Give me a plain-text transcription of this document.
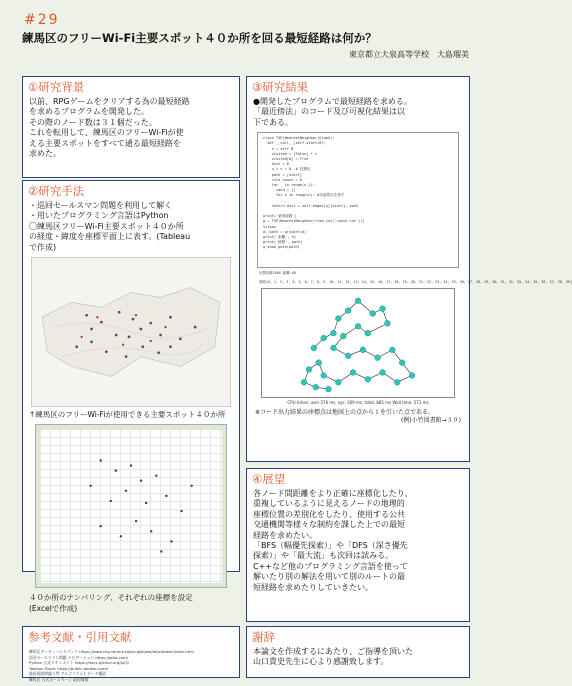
#29
練馬区のフリーWi-Fi主要スポット４０か所を回る最短経路は何か？
東京都立大泉高等学校　大島瑠美
①研究背景
以前、RPGゲームをクリアする為の最短経路
を求めるプログラムを開発した。
その際のノード数は３１個だった。
これを転用して、練馬区のフリーWi-Fiが使
える主要スポットをすべて通る最短経路を
求めた。
②研究手法
・巡回セールスマン問題を利用して解く
・用いたプログラミング言語はPython
〇練馬区フリーWi-Fi主要スポット４０か所
の経度・緯度を座標平面上に表す。(Tableau
で作成)
↑練馬区のフリーWi-Fiが使用できる主要スポット４０か所
４０か所のナンバリング、それぞれの座標を設定
(Excelで作成)
③研究結果
●開発したプログラムで最短経路を求める。
「最近傍法」のコード及び可視化結果は以
下である。
class TSP(NearestNeighbor(Graph):
def __call__(self,start=0):
n = self.N
visited = [False] * n
visited[0] = True
dist = 0
u = v = 0  # 初期化
path = [start]
rule_count = 0
for _ in range(n-1):
cand = []
for v in range(n): #未訪問点を探す
...
return dist + self.edges[u][start], path

print('最短経路')
g = TSP(NearestNeighbor(from_csv('route.txt')))
%%time
d, path = g(start=0)
print('距離', d)
print('経路', path)
g.show_path(path)
計算回数1560 距離:48
経路[0, 1, 2, 3, 4, 5, 6, 7, 8, 9, 10, 11, 12, 13, 14, 15, 16, 17, 18, 19, 20, 21, 22, 23, 24, 25, 26, 27, 28, 29, 30, 31, 32, 33, 34, 35, 36, 37, 38, 39]
CPU times: user 576 ms, sys: 309 ms, total: 885 ms Wall time: 572 ms
※コード出力結果の座標点は地図上の点から１を引いた点である。
(例)小竹図書館→３９)
④展望
各ノード間距離をより正確に座標化したり、
重複しているように見えるノードの地理的
座標位置の差別化をしたり、使用する公共
交通機関等様々な制約を課した上での最短
経路を求めたい。
「BFS（幅優先探索）」や「DFS（深さ優先
探索）」や「最大流」も次回は試みる。
C++など他のプログラミング言語を使って
解いたり別の解法を用いて別のルートの最
短経路を求めたりしていきたい。
参考文献・引用文献
練馬区データ・ハンドブック https://www.city.nerima.tokyo.jp/kusei/tokei/tokei/index.html
巡回セールスマン問題 ナビゲーション https://qiita.com/
Python 公式ドキュメント https://docs.python.org/ja/3/
Tableau Public https://public.tableau.com/
最短経路問題入門 アルゴリズムとデータ構造
練馬区 公式ホームページ 地図情報
謝辞
本論文を作成するにあたり、ご指導を頂いた
山口貴史先生に心より感謝致します。
